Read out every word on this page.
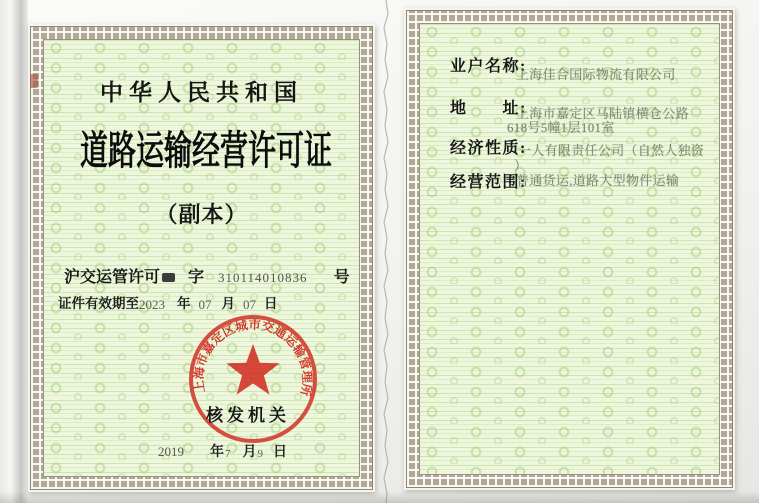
中华人民共和国
道路运输经营许可证
（副本）
沪交运管许可 字 310114010836 号
证件有效期至2023 年 07 月 07 日
上海市嘉定区城市交通运输管理所
核发机关
2019 年7 月9 日
业户名称:
上海佳合国际物流有限公司
地　　址:
上海市嘉定区马陆镇横仓公路
618号5幢1层101室
经济性质:
一人有限责任公司（自然人独资
）
经营范围:
普通货运,道路大型物件运输
